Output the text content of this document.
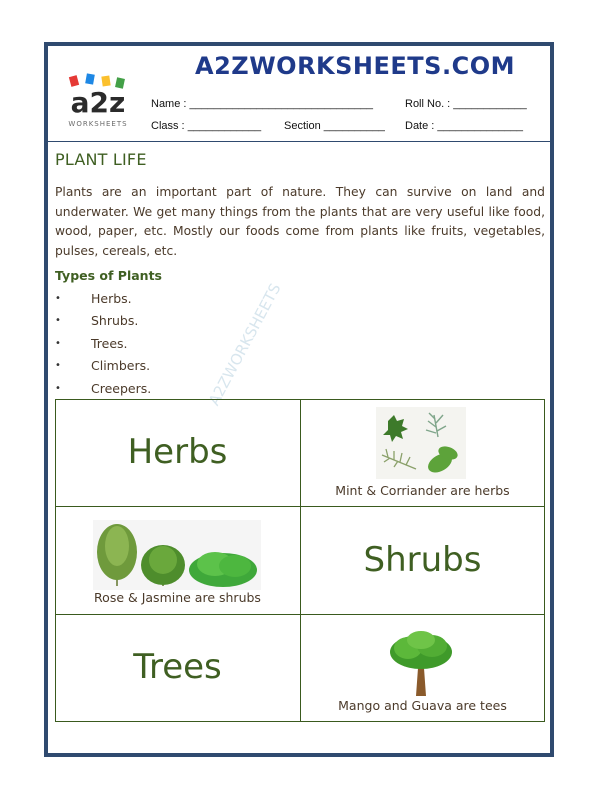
A2ZWORKSHEETS.COM
a2z
WORKSHEETS
Name : ______________________________	Roll No. : ____________
Class : ____________ Section __________ Date : ______________
PLANT LIFE
Plants are an important part of nature. They can survive on land and underwater. We get many things from the plants that are very useful like food, wood, paper, etc. Mostly our foods come from plants like fruits, vegetables, pulses, cereals, etc.
Types of Plants
•	Herbs.
•	Shrubs.
•	Trees.
•	Climbers.
•	Creepers.	A2ZWORKSHEETS
Herbs
Mint & Corriander are herbs
Rose & Jasmine are shrubs
Shrubs
Trees
Mango and Guava are tees
